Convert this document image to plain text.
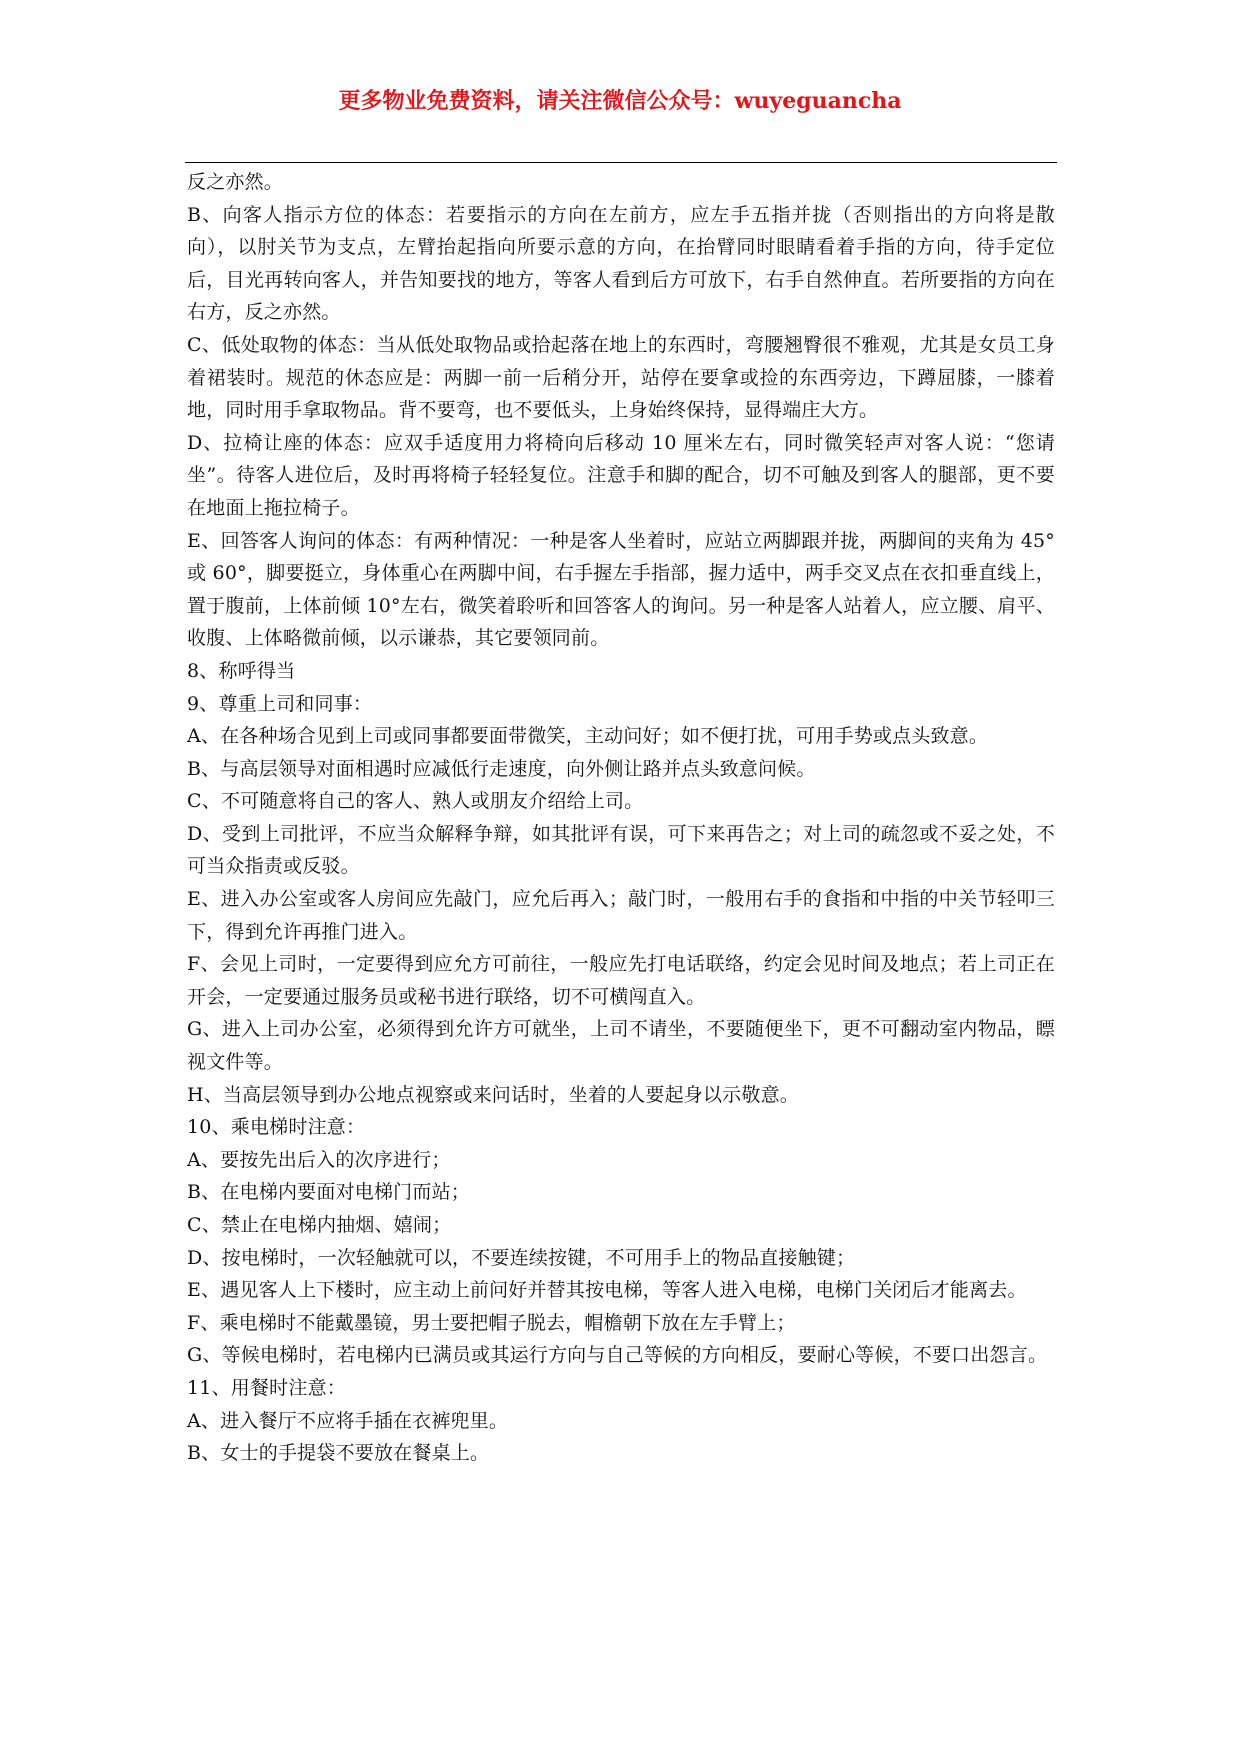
更多物业免费资料，请关注微信公众号：wuyeguancha

反之亦然。

B、向客人指示方位的体态：若要指示的方向在左前方，应左手五指并拢（否则指出的方向将是散向），以肘关节为支点，左臂抬起指向所要示意的方向，在抬臂同时眼睛看着手指的方向，待手定位后，目光再转向客人，并告知要找的地方，等客人看到后方可放下，右手自然伸直。若所要指的方向在右方，反之亦然。

C、低处取物的体态：当从低处取物品或拾起落在地上的东西时，弯腰翘臀很不雅观，尤其是女员工身着裙装时。规范的休态应是：两脚一前一后稍分开，站停在要拿或捡的东西旁边，下蹲屈膝，一膝着地，同时用手拿取物品。背不要弯，也不要低头，上身始终保持，显得端庄大方。

D、拉椅让座的体态：应双手适度用力将椅向后移动 10 厘米左右，同时微笑轻声对客人说：“您请坐”。待客人进位后，及时再将椅子轻轻复位。注意手和脚的配合，切不可触及到客人的腿部，更不要在地面上拖拉椅子。

E、回答客人询问的体态：有两种情况：一种是客人坐着时，应站立两脚跟并拢，两脚间的夹角为 45°或 60°，脚要挺立，身体重心在两脚中间，右手握左手指部，握力适中，两手交叉点在衣扣垂直线上，置于腹前，上体前倾 10°左右，微笑着聆听和回答客人的询问。另一种是客人站着人，应立腰、肩平、收腹、上体略微前倾，以示谦恭，其它要领同前。

8、称呼得当

9、尊重上司和同事：

A、在各种场合见到上司或同事都要面带微笑，主动问好；如不便打扰，可用手势或点头致意。

B、与高层领导对面相遇时应减低行走速度，向外侧让路并点头致意问候。

C、不可随意将自己的客人、熟人或朋友介绍给上司。

D、受到上司批评，不应当众解释争辩，如其批评有误，可下来再告之；对上司的疏忽或不妥之处，不可当众指责或反驳。

E、进入办公室或客人房间应先敲门，应允后再入；敲门时，一般用右手的食指和中指的中关节轻叩三下，得到允许再推门进入。

F、会见上司时，一定要得到应允方可前往，一般应先打电话联络，约定会见时间及地点；若上司正在开会，一定要通过服务员或秘书进行联络，切不可横闯直入。

G、进入上司办公室，必须得到允许方可就坐，上司不请坐，不要随便坐下，更不可翻动室内物品，瞟视文件等。

H、当高层领导到办公地点视察或来问话时，坐着的人要起身以示敬意。

10、乘电梯时注意：

A、要按先出后入的次序进行；

B、在电梯内要面对电梯门而站；

C、禁止在电梯内抽烟、嬉闹；

D、按电梯时，一次轻触就可以，不要连续按键，不可用手上的物品直接触键；

E、遇见客人上下楼时，应主动上前问好并替其按电梯，等客人进入电梯，电梯门关闭后才能离去。

F、乘电梯时不能戴墨镜，男士要把帽子脱去，帽檐朝下放在左手臂上；

G、等候电梯时，若电梯内已满员或其运行方向与自己等候的方向相反，要耐心等候，不要口出怨言。

11、用餐时注意：

A、进入餐厅不应将手插在衣裤兜里。

B、女士的手提袋不要放在餐桌上。
